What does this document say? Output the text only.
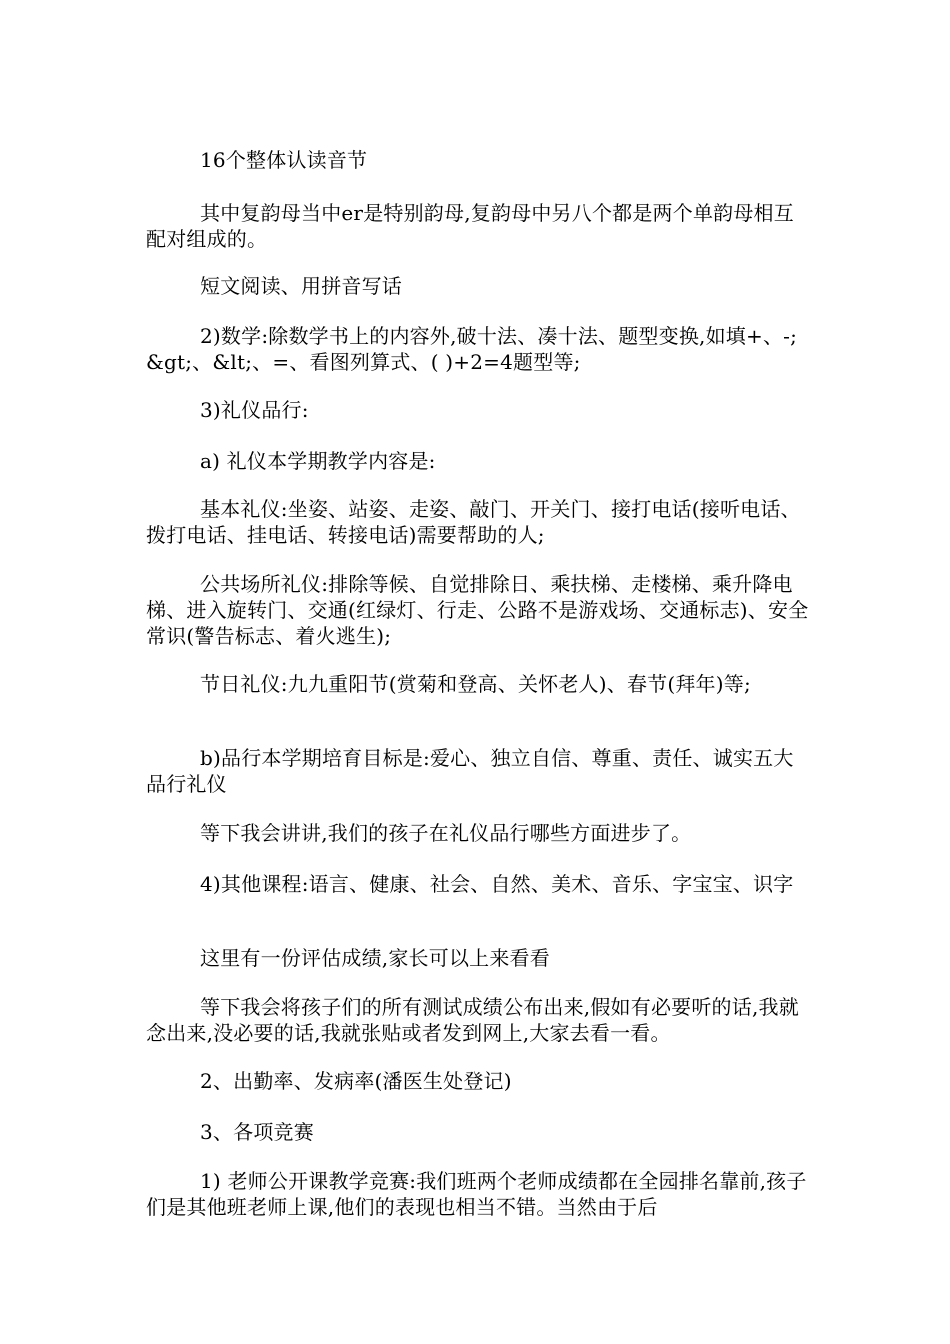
16个整体认读音节

其中复韵母当中er是特别韵母,复韵母中另八个都是两个单韵母相互配对组成的。

短文阅读、用拼音写话

2)数学:除数学书上的内容外,破十法、凑十法、题型变换,如填+、-;&gt;、&lt;、=、看图列算式、( )+2=4题型等;

3)礼仪品行:

a) 礼仪本学期教学内容是:

基本礼仪:坐姿、站姿、走姿、敲门、开关门、接打电话(接听电话、拨打电话、挂电话、转接电话)需要帮助的人;

公共场所礼仪:排除等候、自觉排除日、乘扶梯、走楼梯、乘升降电梯、进入旋转门、交通(红绿灯、行走、公路不是游戏场、交通标志)、安全常识(警告标志、着火逃生);

节日礼仪:九九重阳节(赏菊和登高、关怀老人)、春节(拜年)等;

b)品行本学期培育目标是:爱心、独立自信、尊重、责任、诚实五大品行礼仪

等下我会讲讲,我们的孩子在礼仪品行哪些方面进步了。

4)其他课程:语言、健康、社会、自然、美术、音乐、字宝宝、识字

这里有一份评估成绩,家长可以上来看看

等下我会将孩子们的所有测试成绩公布出来,假如有必要听的话,我就念出来,没必要的话,我就张贴或者发到网上,大家去看一看。

2、出勤率、发病率(潘医生处登记)

3、各项竞赛

1) 老师公开课教学竞赛:我们班两个老师成绩都在全园排名靠前,孩子们是其他班老师上课,他们的表现也相当不错。当然由于后
